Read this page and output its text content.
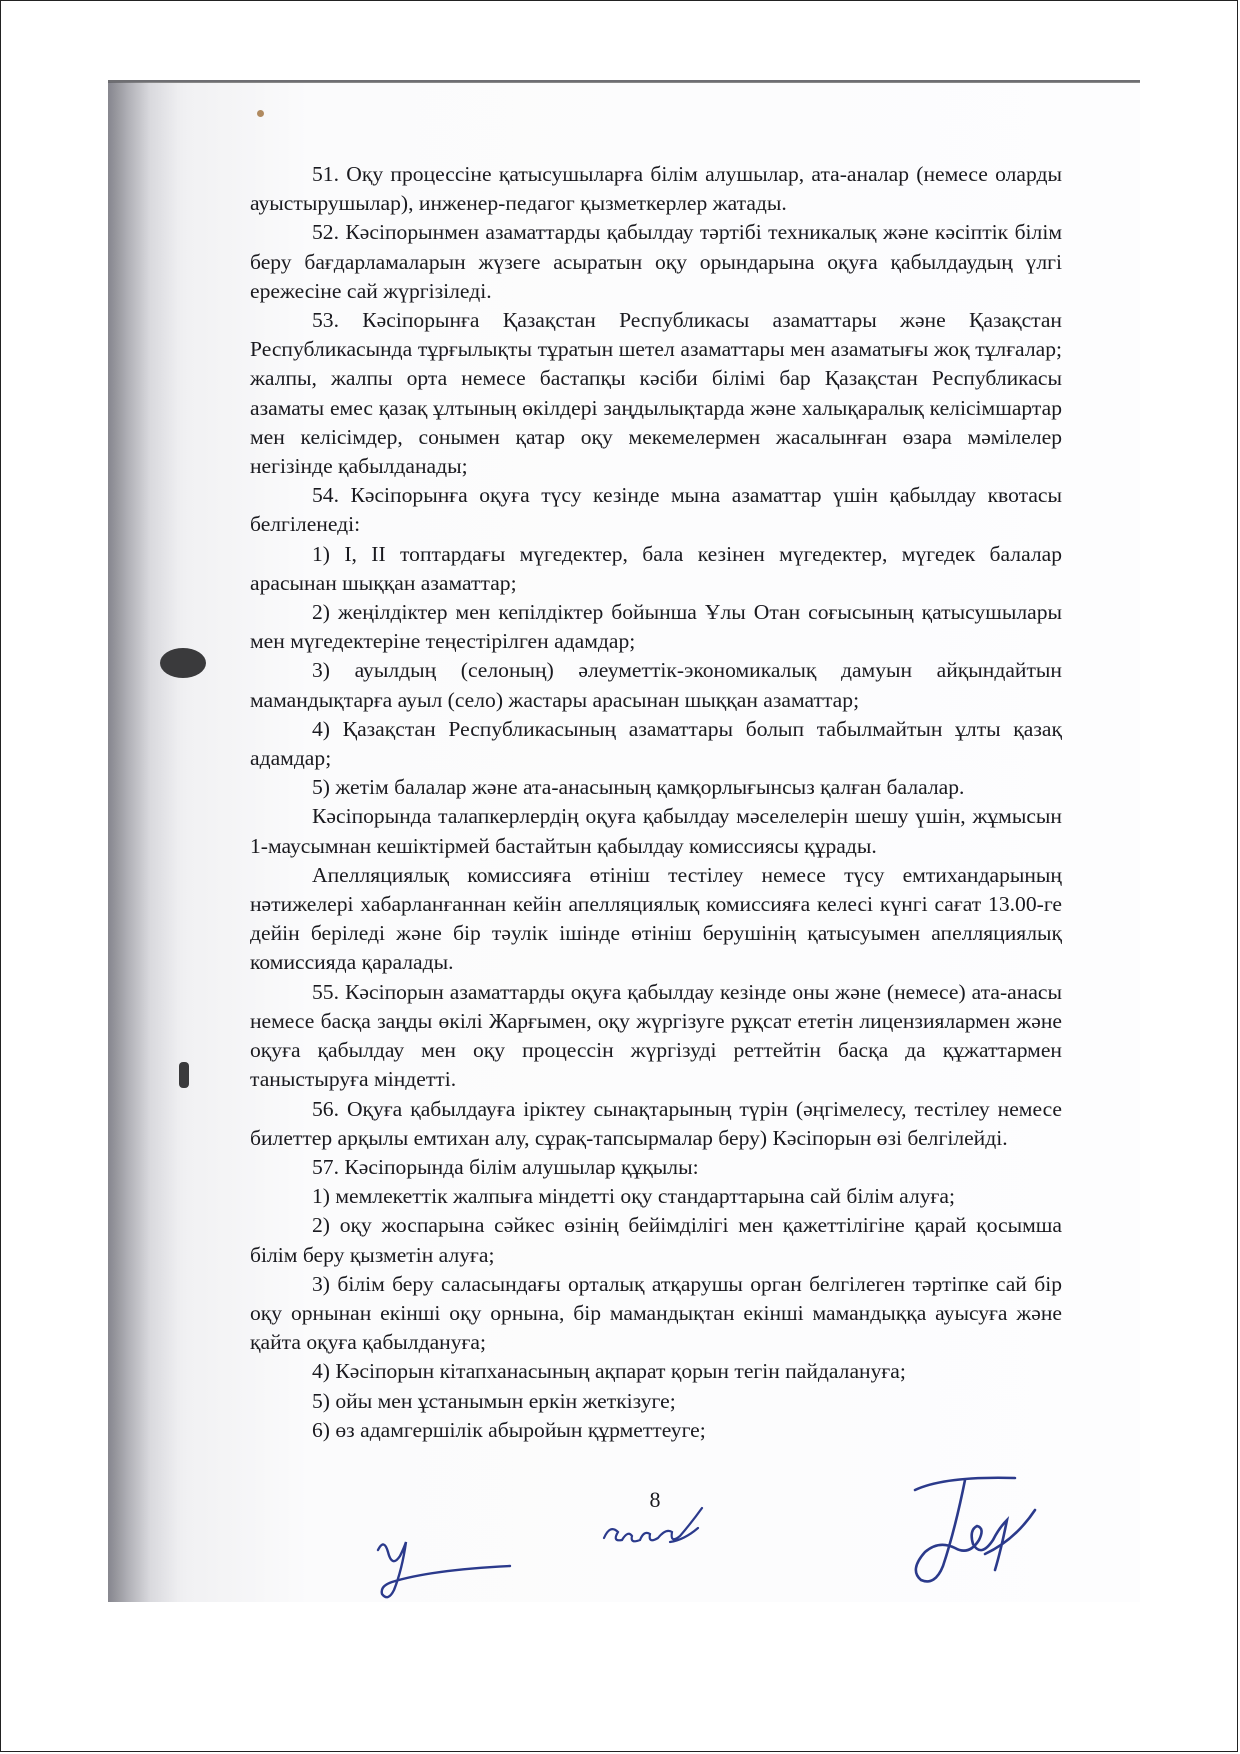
51. Оқу процессіне қатысушыларға білім алушылар, ата-аналар (немесе оларды ауыстырушылар), инженер-педагог қызметкерлер жатады.

52. Кәсіпорынмен азаматтарды қабылдау тәртібі техникалық және кәсіптік білім беру бағдарламаларын жүзеге асыратын оқу орындарына оқуға қабылдаудың үлгі ережесіне сай жүргізіледі.

53. Кәсіпорынға Қазақстан Республикасы азаматтары және Қазақстан Республикасында тұрғылықты тұратын шетел азаматтары мен азаматығы жоқ тұлғалар; жалпы, жалпы орта немесе бастапқы кәсіби білімі бар Қазақстан Республикасы азаматы емес қазақ ұлтының өкілдері заңдылықтарда және халықаралық келісімшартар мен келісімдер, сонымен қатар оқу мекемелермен жасалынған өзара мәмілелер негізінде қабылданады;

54. Кәсіпорынға оқуға түсу кезінде мына азаматтар үшін қабылдау квотасы белгіленеді:

1) І, ІІ топтардағы мүгедектер, бала кезінен мүгедектер, мүгедек балалар арасынан шыққан азаматтар;

2) жеңілдіктер мен кепілдіктер бойынша Ұлы Отан соғысының қатысушылары мен мүгедектеріне теңестірілген адамдар;

3) ауылдың (селоның) әлеуметтік-экономикалық дамуын айқындайтын мамандықтарға ауыл (село) жастары арасынан шыққан азаматтар;

4) Қазақстан Республикасының азаматтары болып табылмайтын ұлты қазақ адамдар;

5) жетім балалар және ата-анасының қамқорлығынсыз қалған балалар.

Кәсіпорында талапкерлердің оқуға қабылдау мәселелерін шешу үшін, жұмысын 1-маусымнан кешіктірмей бастайтын қабылдау комиссиясы құрады.

Апелляциялық комиссияға өтініш тестілеу немесе түсу емтихандарының нәтижелері хабарланғаннан кейін апелляциялық комиссияға келесі күнгі сағат 13.00-ге дейін беріледі және бір тәулік ішінде өтініш берушінің қатысуымен апелляциялық комиссияда қаралады.

55. Кәсіпорын азаматтарды оқуға қабылдау кезінде оны және (немесе) ата-анасы немесе басқа заңды өкілі Жарғымен, оқу жүргізуге рұқсат ететін лицензиялармен және оқуға қабылдау мен оқу процессін жүргізуді реттейтін басқа да құжаттармен таныстыруға міндетті.

56. Оқуға қабылдауға іріктеу сынақтарының түрін (әңгімелесу, тестілеу немесе билеттер арқылы емтихан алу, сұрақ-тапсырмалар беру) Кәсіпорын өзі белгілейді.

57. Кәсіпорында білім алушылар құқылы:

1) мемлекеттік жалпыға міндетті оқу стандарттарына сай білім алуға;

2) оқу жоспарына сәйкес өзінің бейімділігі мен қажеттілігіне қарай қосымша білім беру қызметін алуға;

3) білім беру саласындағы орталық атқарушы орган белгілеген тәртіпке сай бір оқу орнынан екінші оқу орнына, бір мамандықтан екінші мамандыққа ауысуға және қайта оқуға қабылдануға;

4) Кәсіпорын кітапханасының ақпарат қорын тегін пайдалануға;

5) ойы мен ұстанымын еркін жеткізуге;

6) өз адамгершілік абыройын құрметтеуге;

8
